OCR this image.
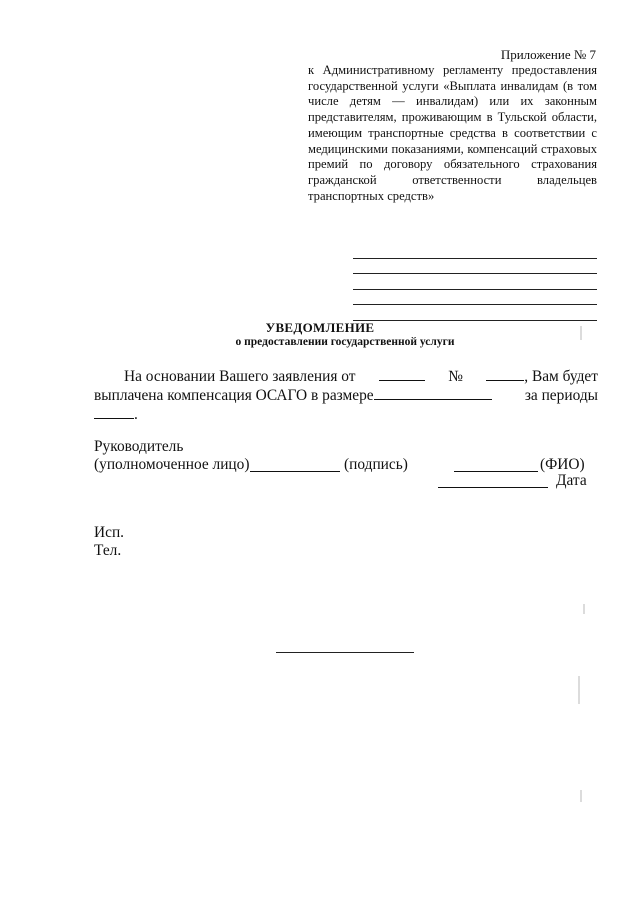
Приложение № 7
к Административному регламенту предоставления государственной услуги «Выплата инвалидам (в том числе детям — инвалидам) или их законным представителям, проживающим в Тульской области, имеющим транспортные средства в соответствии с медицинскими показаниями, компенсаций страховых премий по договору обязательного страхования гражданской ответственности владельцев транспортных средств»
УВЕДОМЛЕНИЕ
о предоставлении государственной услуги
На основании Вашего заявления от	№	, Вам будет
выплачена компенсация ОСАГО в размере	за периоды
.
Руководитель
(уполномоченное лицо)	(подпись)	(ФИО)
Дата
Исп.
Тел.
